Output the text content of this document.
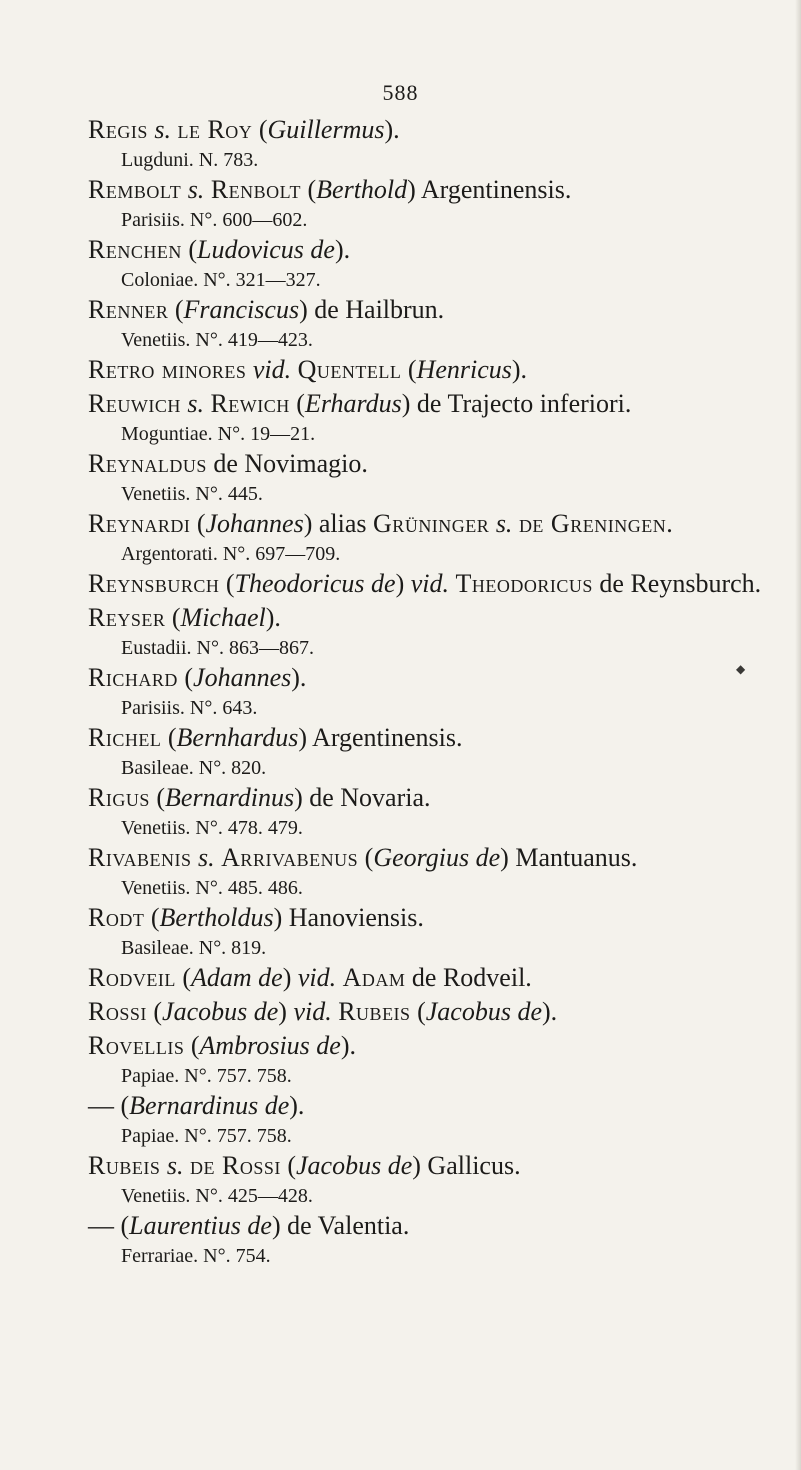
588
Regis s. le Roy (Guillermus).
Lugduni. N. 783.
Rembolt s. Renbolt (Berthold) Argentinensis.
Parisiis. N°. 600—602.
Renchen (Ludovicus de).
Coloniae. N°. 321—327.
Renner (Franciscus) de Hailbrun.
Venetiis. N°. 419—423.
Retro minores vid. Quentell (Henricus).
Reuwich s. Rewich (Erhardus) de Trajecto inferiori.
Moguntiae. N°. 19—21.
Reynaldus de Novimagio.
Venetiis. N°. 445.
Reynardi (Johannes) alias Grüninger s. de Greningen.
Argentorati. N°. 697—709.
Reynsburch (Theodoricus de) vid. Theodoricus de Reynsburch.
Reyser (Michael).
Eustadii. N°. 863—867.
Richard (Johannes).
Parisiis. N°. 643.
Richel (Bernhardus) Argentinensis.
Basileae. N°. 820.
Rigus (Bernardinus) de Novaria.
Venetiis. N°. 478. 479.
Rivabenis s. Arrivabenus (Georgius de) Mantuanus.
Venetiis. N°. 485. 486.
Rodt (Bertholdus) Hanoviensis.
Basileae. N°. 819.
Rodveil (Adam de) vid. Adam de Rodveil.
Rossi (Jacobus de) vid. Rubeis (Jacobus de).
Rovellis (Ambrosius de).
Papiae. N°. 757. 758.
— (Bernardinus de).
Papiae. N°. 757. 758.
Rubeis s. de Rossi (Jacobus de) Gallicus.
Venetiis. N°. 425—428.
— (Laurentius de) de Valentia.
Ferrariae. N°. 754.
◆
